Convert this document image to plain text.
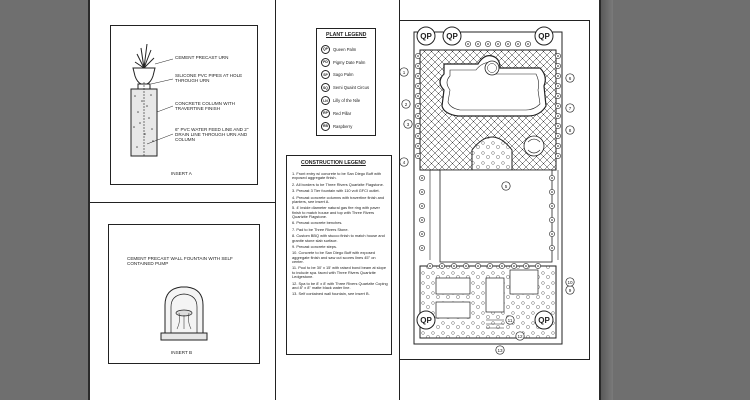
CEMENT PRECAST URN
SILICONE PVC PIPES AT HOLE THROUGH URN
CONCRETE COLUMN WITH TRAVERTINE FINISH
6" PVC WATER FEED LINE AND 2" DRAIN LINE THROUGH URN AND COLUMN
INSERT A
CEMENT PRECAST WALL FOUNTAIN WITH SELF CONTAINED PUMP
INSERT B
PLANT LEGEND
QP	Queen Palm
PD	Pigmy Date Palm
SP	Sago Palm
SQ	Semi Quaint Circus
LN	Lilly of the Nile
RP	Red Pillar
RB	Raspberry
CONSTRUCTION LEGEND
1. Front entry w/ concrete to be San Diego Buff with exposed aggregate finish.
2. All borders to be Three Rivers Quartzite Flagstone.
3. Precast 3 Tier fountain with 110 volt GFCI outlet.
4. Precast concrete columns with travertine finish and planters, see insert A.
5. 4' inside diameter natural gas fire ring with paver finish to match house and top with Three Rivers Quartzite Flagstone.
6. Precast concrete benches.
7. Pad to be Three Rivers Stone.
8. Custom BBQ with stucco finish to match house and granite stone slab surface.
9. Precast concrete steps.
10. Concrete to be San Diego Buff with exposed aggregate finish and saw cut scores lines 45° on center.
11. Pool to be 30' x 15' with raised bond beam at slope to include spa. faced with Three Rivers Quartzite Ledgestone.
12. Spa to be 8' x 8' with Three Rivers Quartzite Coping and 8" x 8" matte black water line.
13. Self contained wall fountain, see insert B.
QP QP	QP
QP	QP
1
2
3
4
5
6
7
8
9
10
11
12
13
